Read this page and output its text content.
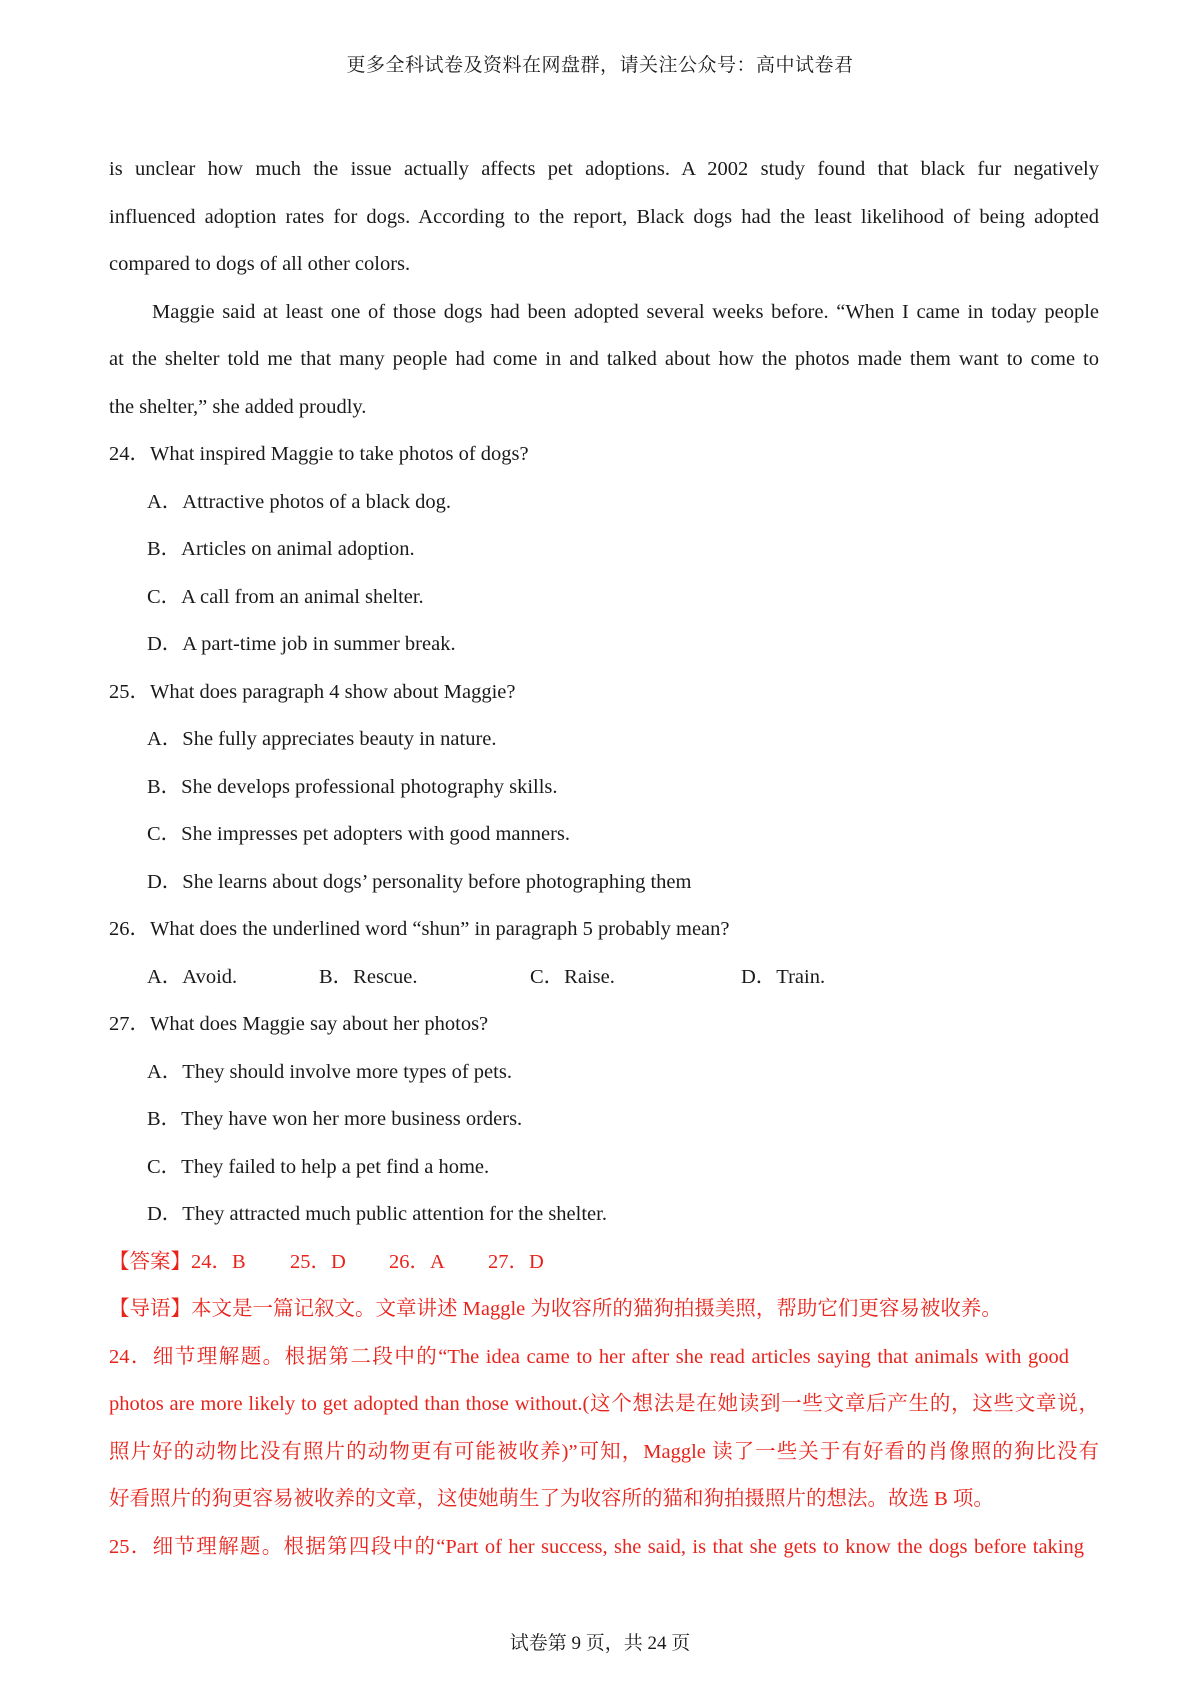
更多全科试卷及资料在网盘群，请关注公众号：高中试卷君
is unclear how much the issue actually affects pet adoptions. A 2002 study found that black fur negatively
influenced adoption rates for dogs. According to the report, Black dogs had the least likelihood of being adopted
compared to dogs of all other colors.
Maggie said at least one of those dogs had been adopted several weeks before. “When I came in today people
at the shelter told me that many people had come in and talked about how the photos made them want to come to
the shelter,” she added proudly.
24．What inspired Maggie to take photos of dogs?
A．Attractive photos of a black dog.
B．Articles on animal adoption.
C．A call from an animal shelter.
D．A part-time job in summer break.
25．What does paragraph 4 show about Maggie?
A．She fully appreciates beauty in nature.
B．She develops professional photography skills.
C．She impresses pet adopters with good manners.
D．She learns about dogs’ personality before photographing them
26．What does the underlined word “shun” in paragraph 5 probably mean?
A．Avoid.	B．Rescue.	C．Raise.	D．Train.
27．What does Maggie say about her photos?
A．They should involve more types of pets.
B．They have won her more business orders.
C．They failed to help a pet find a home.
D．They attracted much public attention for the shelter.
【答案】24．B 25．D 26．A 27．D
【导语】本文是一篇记叙文。文章讲述 Maggle 为收容所的猫狗拍摄美照，帮助它们更容易被收养。
24．细节理解题。根据第二段中的“The idea came to her after she read articles saying that animals with good
photos are more likely to get adopted than those without.(这个想法是在她读到一些文章后产生的，这些文章说，
照片好的动物比没有照片的动物更有可能被收养)”可知，Maggle 读了一些关于有好看的肖像照的狗比没有
好看照片的狗更容易被收养的文章，这使她萌生了为收容所的猫和狗拍摄照片的想法。故选 B 项。
25．细节理解题。根据第四段中的“Part of her success, she said, is that she gets to know the dogs before taking
试卷第 9 页，共 24 页
